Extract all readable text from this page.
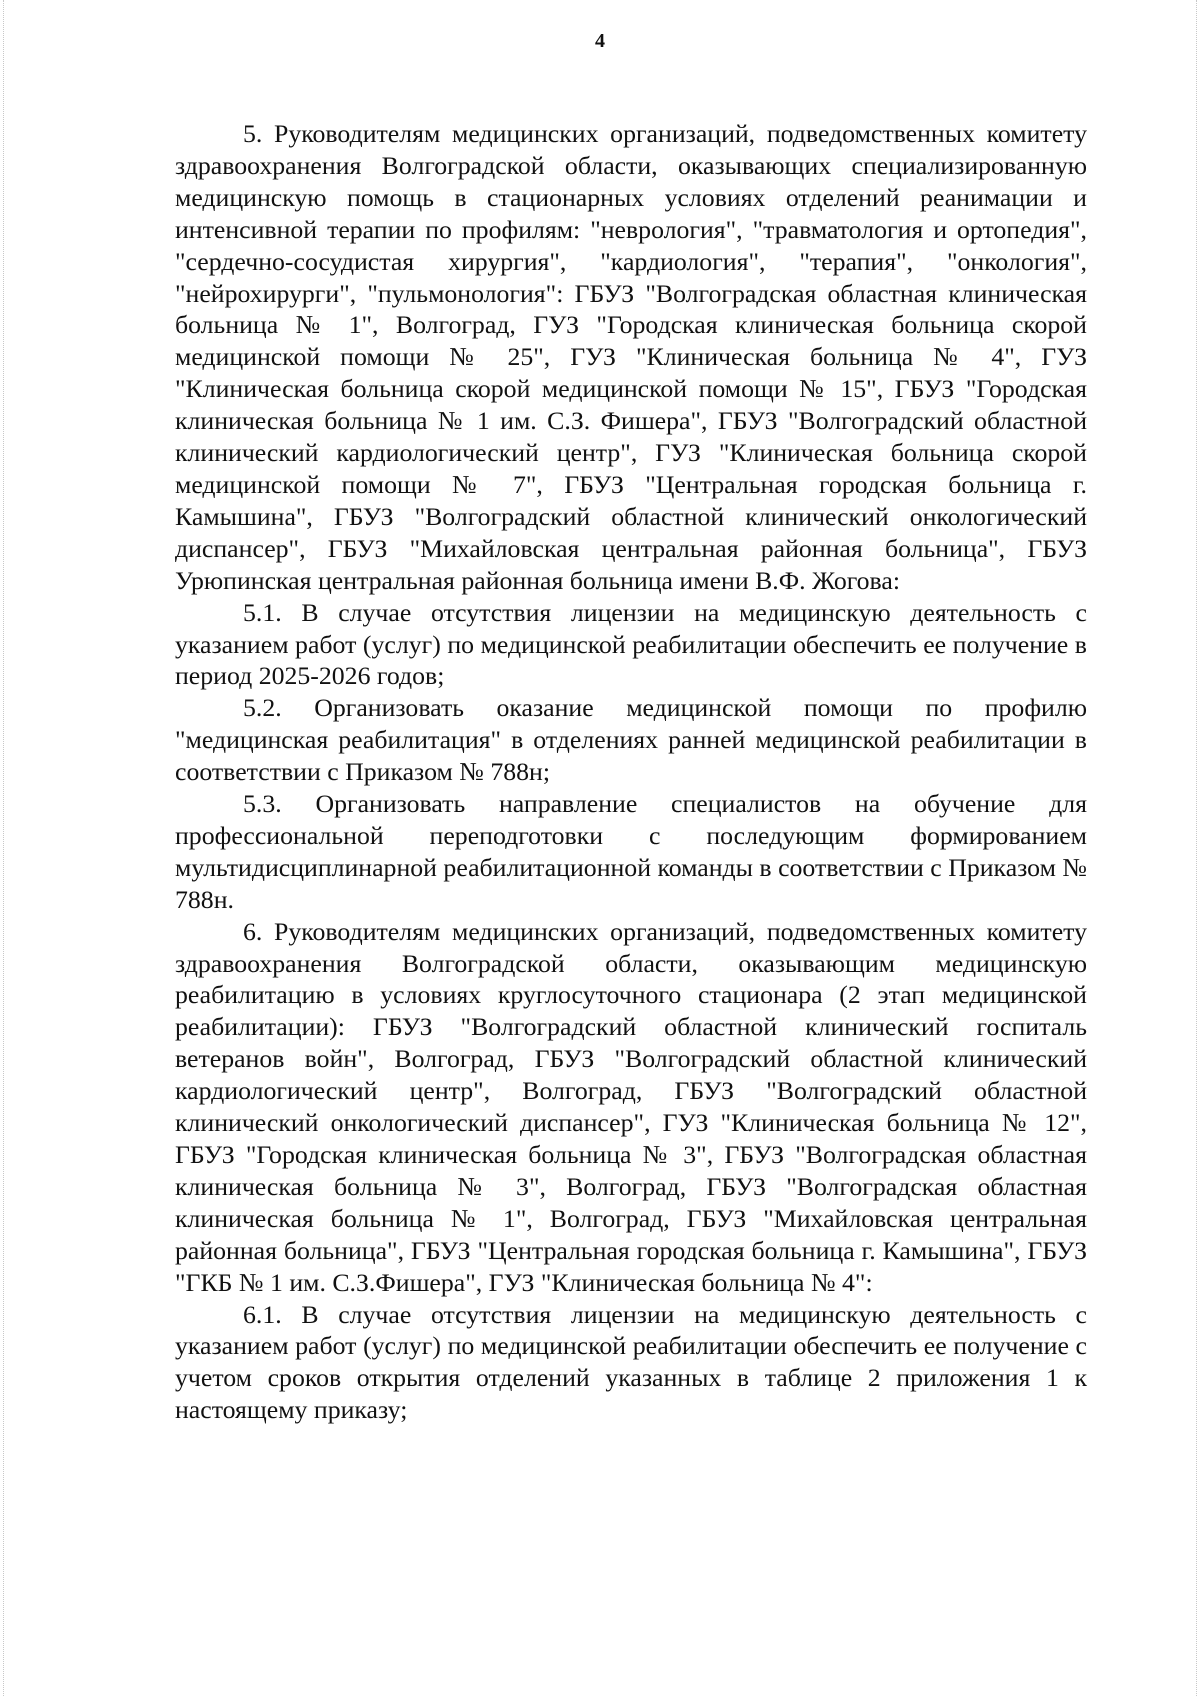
4

5. Руководителям медицинских организаций, подведомственных комитету здравоохранения Волгоградской области, оказывающих специализированную медицинскую помощь в стационарных условиях отделений реанимации и интенсивной терапии по профилям: "неврология", "травматология и ортопедия", "сердечно-сосудистая хирургия", "кардиология", "терапия", "онкология", "нейрохирурги", "пульмонология": ГБУЗ "Волгоградская областная клиническая больница № 1", Волгоград, ГУЗ "Городская клиническая больница скорой медицинской помощи № 25", ГУЗ "Клиническая больница № 4", ГУЗ "Клиническая больница скорой медицинской помощи № 15", ГБУЗ "Городская клиническая больница № 1 им. С.З. Фишера", ГБУЗ "Волгоградский областной клинический кардиологический центр", ГУЗ "Клиническая больница скорой медицинской помощи № 7", ГБУЗ "Центральная городская больница г. Камышина", ГБУЗ "Волгоградский областной клинический онкологический диспансер", ГБУЗ "Михайловская центральная районная больница", ГБУЗ Урюпинская центральная районная больница имени В.Ф. Жогова:

5.1. В случае отсутствия лицензии на медицинскую деятельность с указанием работ (услуг) по медицинской реабилитации обеспечить ее получение в период 2025-2026 годов;

5.2. Организовать оказание медицинской помощи по профилю "медицинская реабилитация" в отделениях ранней медицинской реабилитации в соответствии с Приказом № 788н;

5.3. Организовать направление специалистов на обучение для профессиональной переподготовки с последующим формированием мультидисциплинарной реабилитационной команды в соответствии с Приказом № 788н.

6. Руководителям медицинских организаций, подведомственных комитету здравоохранения Волгоградской области, оказывающим медицинскую реабилитацию в условиях круглосуточного стационара (2 этап медицинской реабилитации): ГБУЗ "Волгоградский областной клинический госпиталь ветеранов войн", Волгоград, ГБУЗ "Волгоградский областной клинический кардиологический центр", Волгоград, ГБУЗ "Волгоградский областной клинический онкологический диспансер", ГУЗ "Клиническая больница № 12", ГБУЗ "Городская клиническая больница № 3", ГБУЗ "Волгоградская областная клиническая больница № 3", Волгоград, ГБУЗ "Волгоградская областная клиническая больница № 1", Волгоград, ГБУЗ "Михайловская центральная районная больница", ГБУЗ "Центральная городская больница г. Камышина", ГБУЗ "ГКБ № 1 им. С.З.Фишера", ГУЗ "Клиническая больница № 4":

6.1. В случае отсутствия лицензии на медицинскую деятельность с указанием работ (услуг) по медицинской реабилитации обеспечить ее получение с учетом сроков открытия отделений указанных в таблице 2 приложения 1 к настоящему приказу;
